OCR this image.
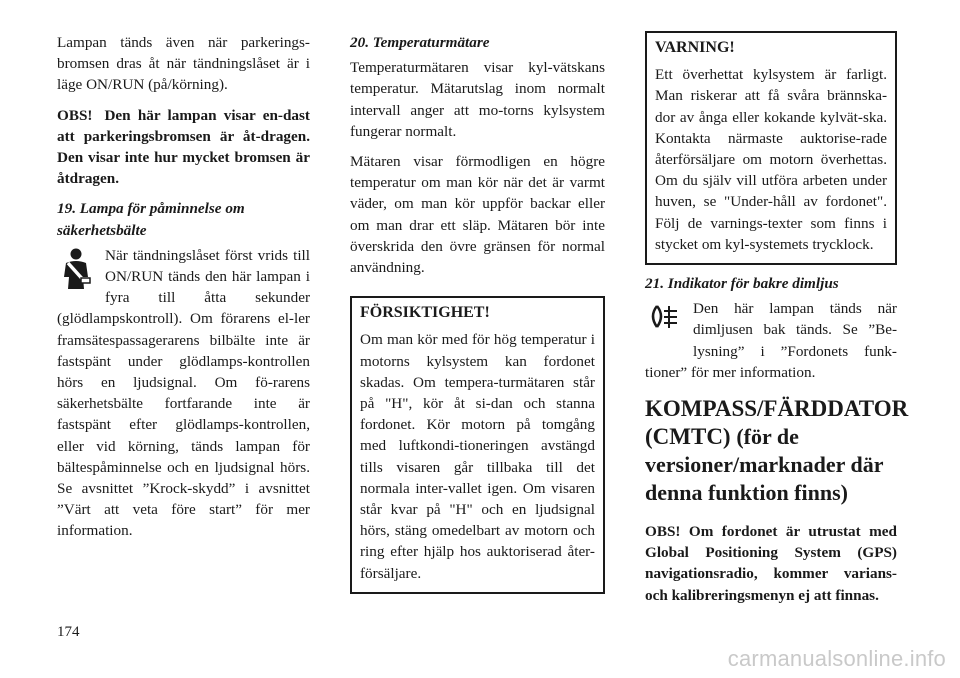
Lampan tänds även när parkerings-bromsen dras åt när tändningslåset är i läge ON/RUN (på/körning).

OBS! Den här lampan visar en-dast att parkeringsbromsen är åt-dragen. Den visar inte hur mycket bromsen är åtdragen.

19. Lampa för påminnelse om säkerhetsbälte

När tändningslåset först vrids till ON/RUN tänds den här lampan i fyra till åtta sekunder (glödlampskontroll). Om förarens el-ler framsätespassagerarens bilbälte inte är fastspänt under glödlamps-kontrollen hörs en ljudsignal. Om fö-rarens säkerhetsbälte fortfarande inte är fastspänt efter glödlamps-kontrollen, eller vid körning, tänds lampan för bältespåminnelse och en ljudsignal hörs. Se avsnittet ”Krock-skydd” i avsnittet ”Värt att veta före start” för mer information.

20. Temperaturmätare

Temperaturmätaren visar kyl-vätskans temperatur. Mätarutslag inom normalt intervall anger att mo-torns kylsystem fungerar normalt.

Mätaren visar förmodligen en högre temperatur om man kör när det är varmt väder, om man kör uppför backar eller om man drar ett släp. Mätaren bör inte överskrida den övre gränsen för normal användning.

FÖRSIKTIGHET!

Om man kör med för hög temperatur i motorns kylsystem kan fordonet skadas. Om tempera-turmätaren står på "H", kör åt si-dan och stanna fordonet. Kör motorn på tomgång med luftkondi-tioneringen avstängd tills visaren går tillbaka till det normala inter-vallet igen. Om visaren står kvar på "H" och en ljudsignal hörs, stäng omedelbart av motorn och ring efter hjälp hos auktoriserad åter-försäljare.

VARNING!

Ett överhettat kylsystem är farligt. Man riskerar att få svåra brännska-dor av ånga eller kokande kylvät-ska. Kontakta närmaste auktorise-rade återförsäljare om motorn överhettas. Om du själv vill utföra arbeten under huven, se "Under-håll av fordonet". Följ de varnings-texter som finns i stycket om kyl-systemets trycklock.

21. Indikator för bakre dimljus

Den här lampan tänds när dimljusen bak tänds. Se ”Be-lysning” i ”Fordonets funk-tioner” för mer information.

KOMPASS/FÄRDDATOR (CMTC) (för de versioner/marknader där denna funktion finns)

OBS! Om fordonet är utrustat med Global Positioning System (GPS) navigationsradio, kommer varians- och kalibreringsmenyn ej att finnas.

174
carmanualsonline.info
